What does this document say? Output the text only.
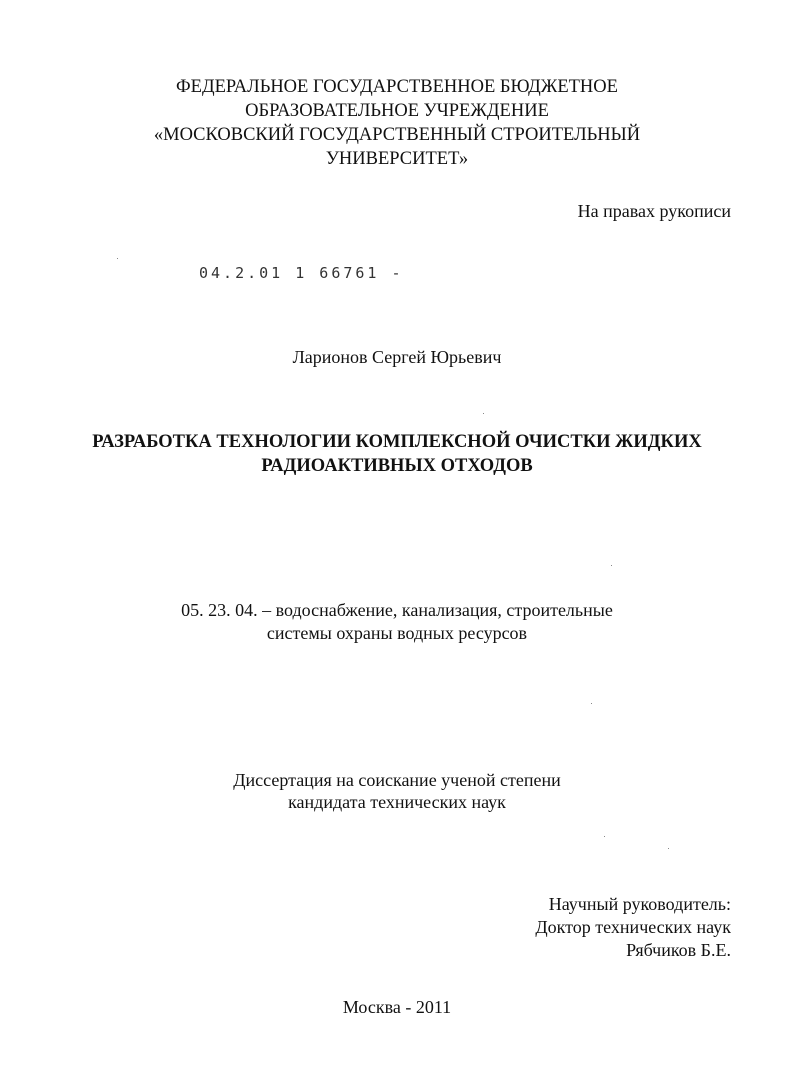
ФЕДЕРАЛЬНОЕ ГОСУДАРСТВЕННОЕ БЮДЖЕТНОЕ
ОБРАЗОВАТЕЛЬНОЕ УЧРЕЖДЕНИЕ
«МОСКОВСКИЙ ГОСУДАРСТВЕННЫЙ СТРОИТЕЛЬНЫЙ
УНИВЕРСИТЕТ»
На правах рукописи
04.2.01 1 66761 -
Ларионов Сергей Юрьевич
РАЗРАБОТКА ТЕХНОЛОГИИ КОМПЛЕКСНОЙ ОЧИСТКИ ЖИДКИХ
РАДИОАКТИВНЫХ ОТХОДОВ
05. 23. 04. – водоснабжение, канализация, строительные
системы охраны водных ресурсов
Диссертация на соискание ученой степени
кандидата технических наук
Научный руководитель:
Доктор технических наук
Рябчиков Б.Е.
Москва - 2011
